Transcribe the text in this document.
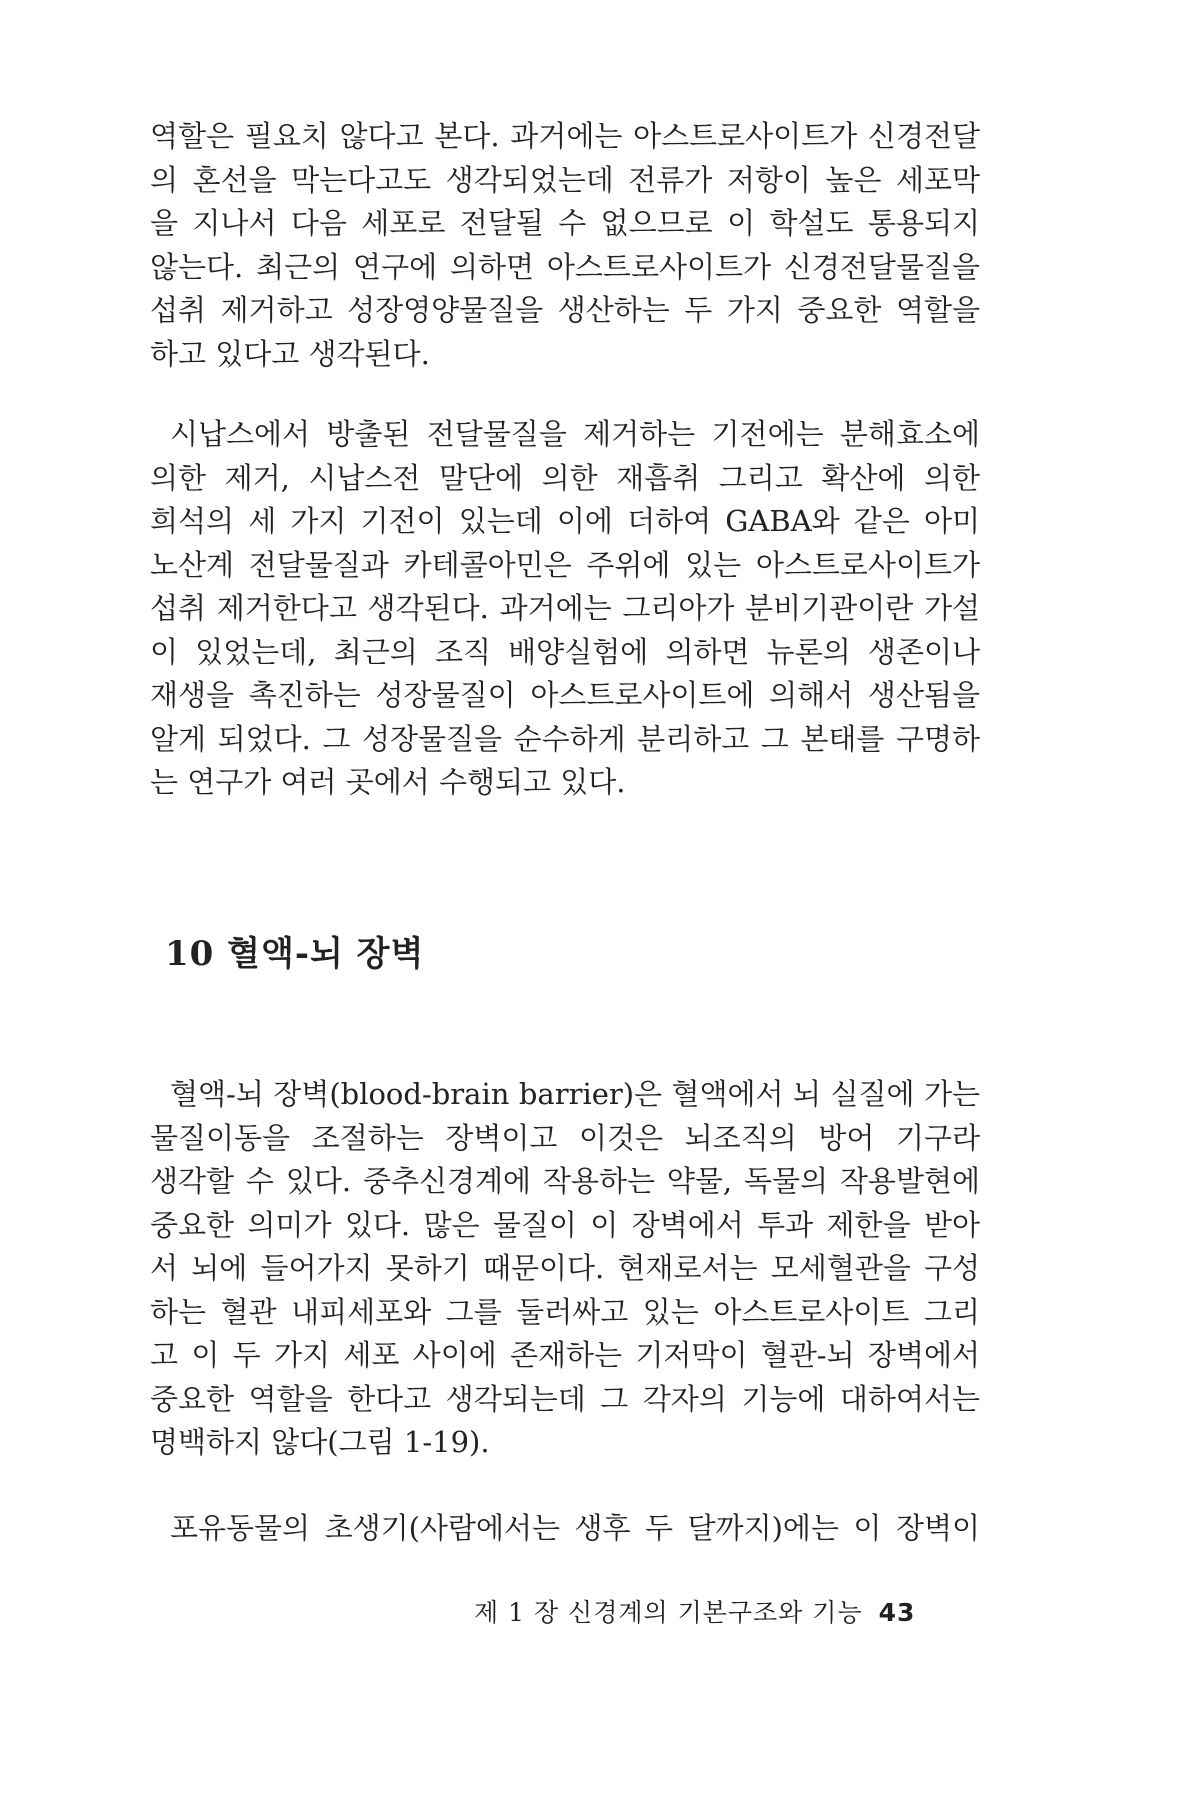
역할은 필요치 않다고 본다. 과거에는 아스트로사이트가 신경전달
의 혼선을 막는다고도 생각되었는데 전류가 저항이 높은 세포막
을 지나서 다음 세포로 전달될 수 없으므로 이 학설도 통용되지
않는다. 최근의 연구에 의하면 아스트로사이트가 신경전달물질을
섭취 제거하고 성장영양물질을 생산하는 두 가지 중요한 역할을
하고 있다고 생각된다.
시납스에서 방출된 전달물질을 제거하는 기전에는 분해효소에
의한 제거, 시납스전 말단에 의한 재흡취 그리고 확산에 의한
희석의 세 가지 기전이 있는데 이에 더하여 GABA와 같은 아미
노산계 전달물질과 카테콜아민은 주위에 있는 아스트로사이트가
섭취 제거한다고 생각된다. 과거에는 그리아가 분비기관이란 가설
이 있었는데, 최근의 조직 배양실험에 의하면 뉴론의 생존이나
재생을 촉진하는 성장물질이 아스트로사이트에 의해서 생산됨을
알게 되었다. 그 성장물질을 순수하게 분리하고 그 본태를 구명하
는 연구가 여러 곳에서 수행되고 있다.
10 혈액-뇌 장벽
혈액-뇌 장벽(blood-brain barrier)은 혈액에서 뇌 실질에 가는
물질이동을 조절하는 장벽이고 이것은 뇌조직의 방어 기구라
생각할 수 있다. 중추신경계에 작용하는 약물, 독물의 작용발현에
중요한 의미가 있다. 많은 물질이 이 장벽에서 투과 제한을 받아
서 뇌에 들어가지 못하기 때문이다. 현재로서는 모세혈관을 구성
하는 혈관 내피세포와 그를 둘러싸고 있는 아스트로사이트 그리
고 이 두 가지 세포 사이에 존재하는 기저막이 혈관-뇌 장벽에서
중요한 역할을 한다고 생각되는데 그 각자의 기능에 대하여서는
명백하지 않다(그림 1-19).
포유동물의 초생기(사람에서는 생후 두 달까지)에는 이 장벽이
제 1 장 신경계의 기본구조와 기능 43
